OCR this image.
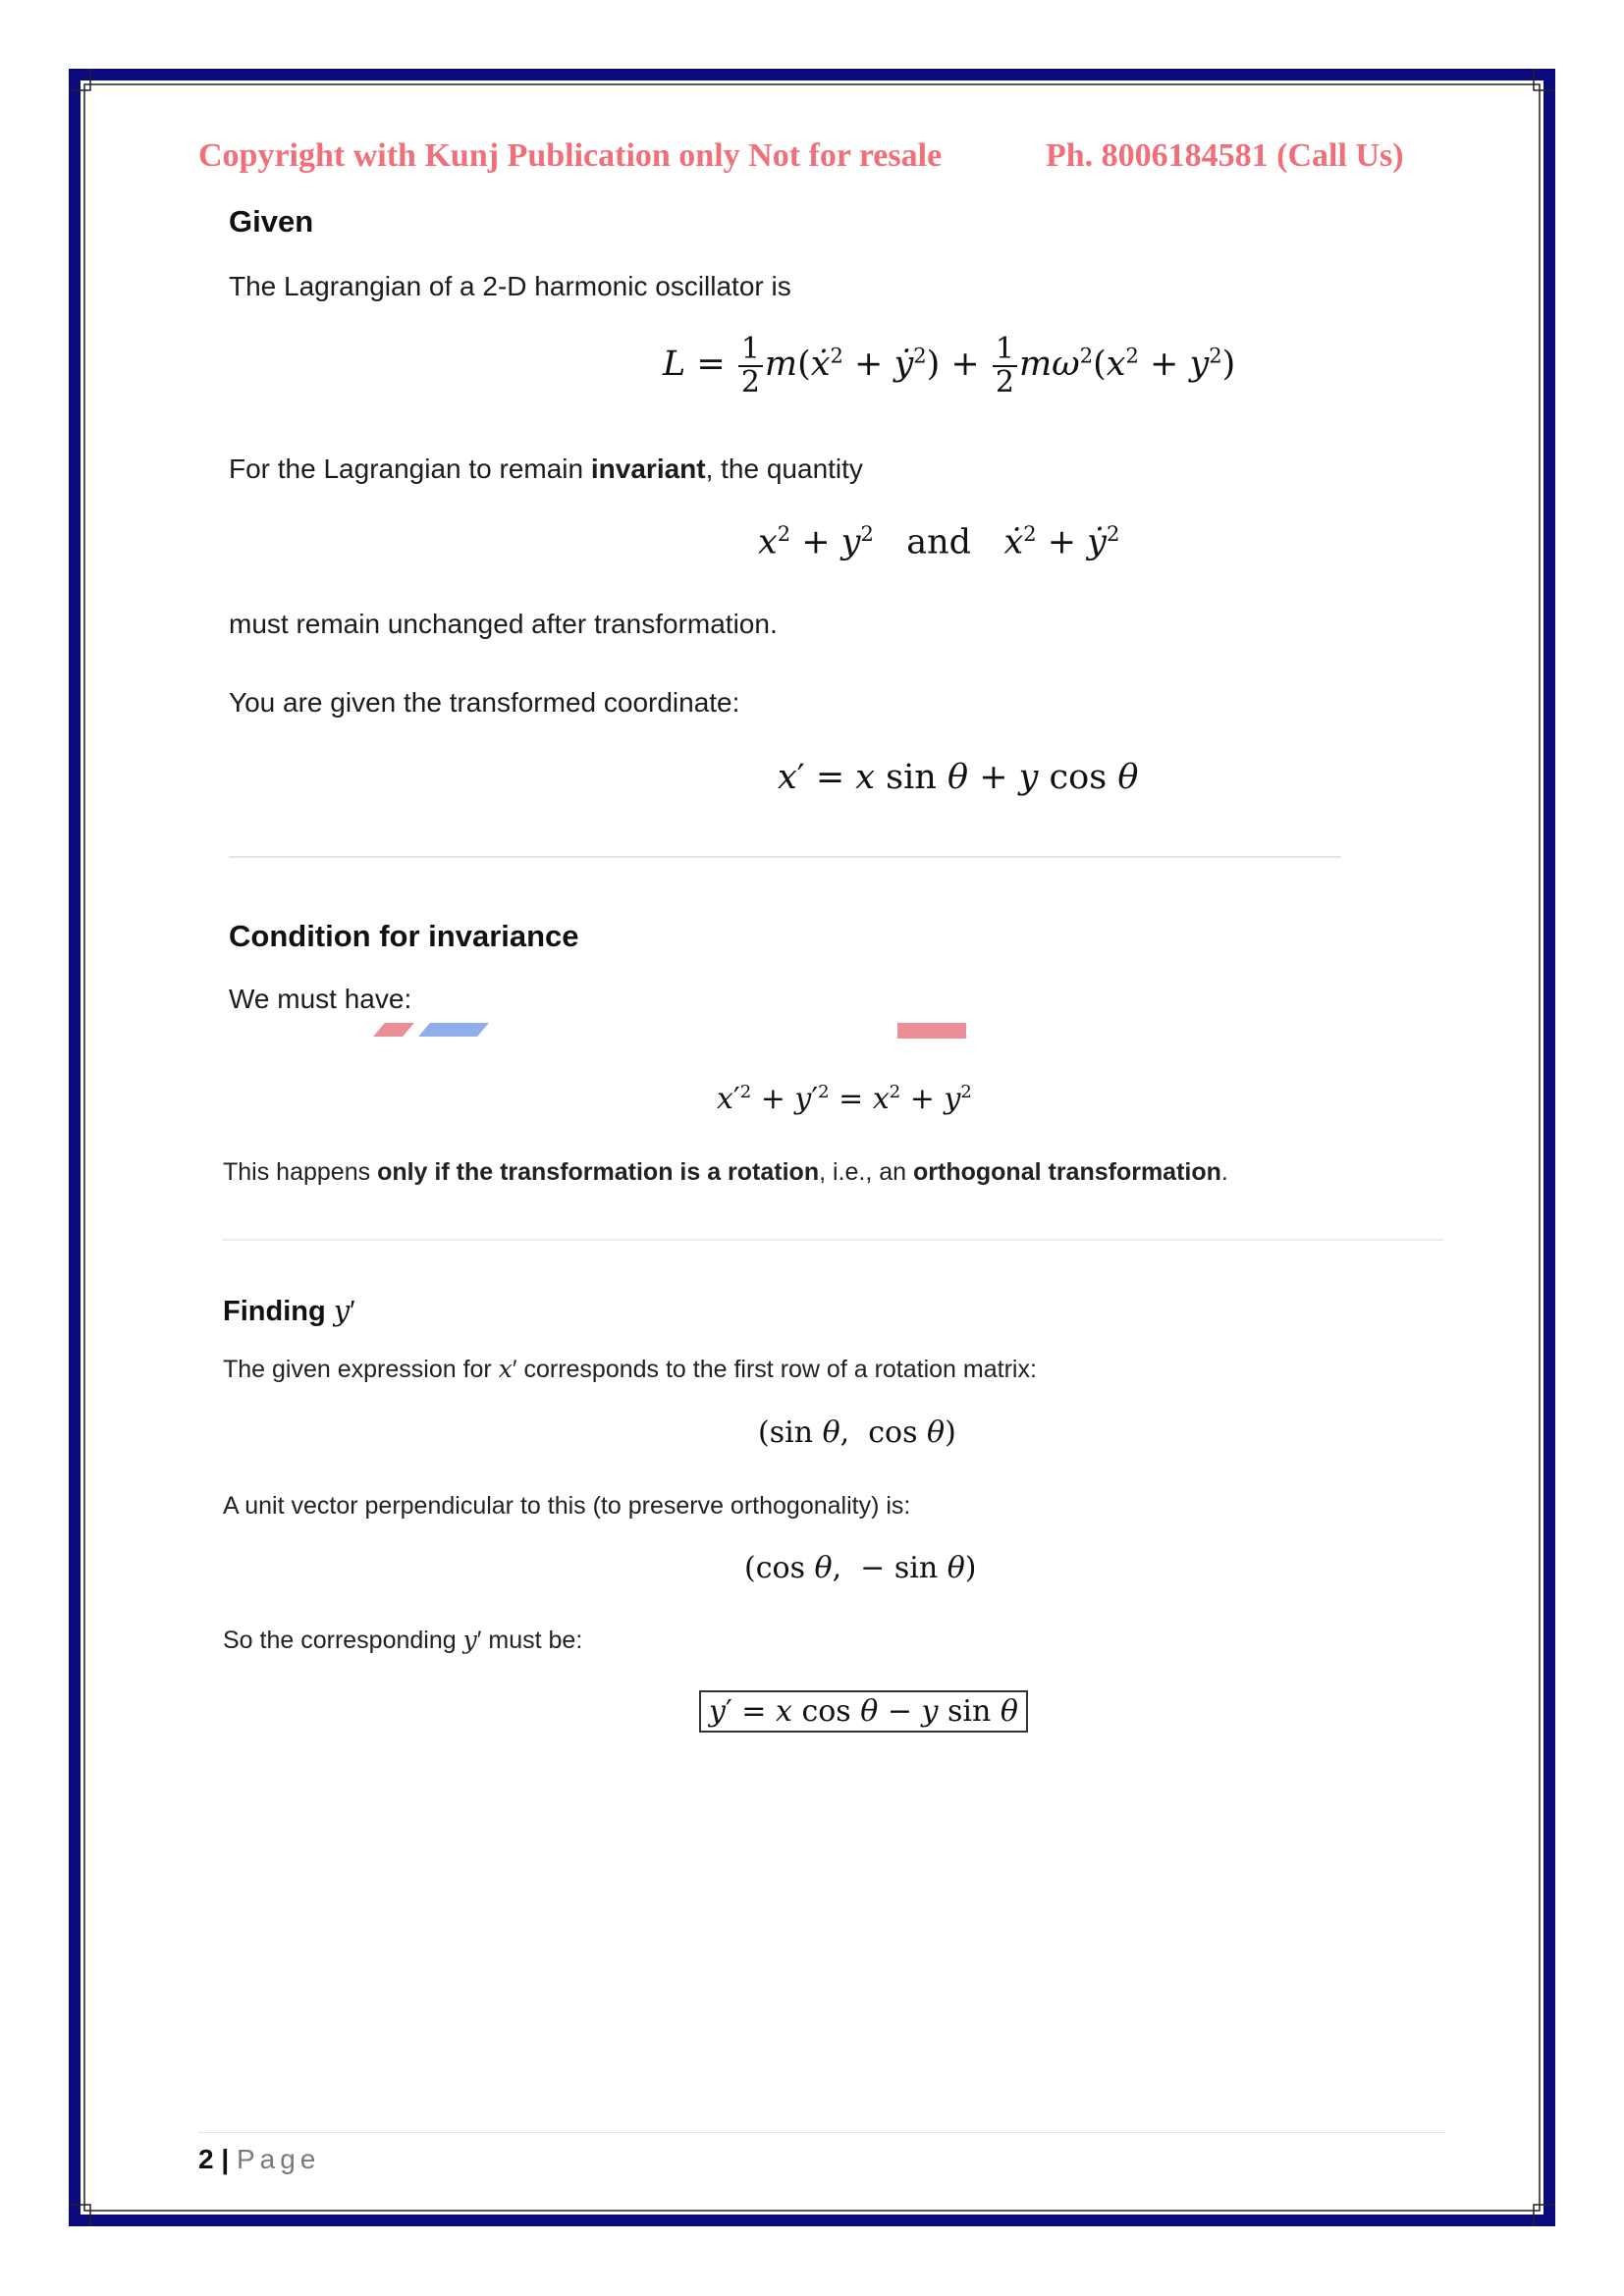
Copyright with Kunj Publication only Not for resale	Ph. 8006184581 (Call Us)
Given
The Lagrangian of a 2-D harmonic oscillator is
$L = \frac{1}{2}$ m(ẋ$^2$ + ẏ$^2$) + $\frac{1}{2} m\omega^2(x^2 + y^2)$
For the Lagrangian to remain invariant, the quantity
$x^2 + y^2$ and ẋ$^2$ + ẏ$^2$
must remain unchanged after transformation.
You are given the transformed coordinate:
x′ = x sin θ + y cos θ
Condition for invariance
We must have:
$x'^2 + y'^2 = x^2 + y^2$
This happens only if the transformation is a rotation, i.e., an orthogonal transformation.
Finding y′
The given expression for x′ corresponds to the first row of a rotation matrix:
(sin θ,  cos θ)
A unit vector perpendicular to this (to preserve orthogonality) is:
(cos θ,  − sin θ)
So the corresponding y′ must be:
y′ = x cos θ − y sin θ
2 | Page
